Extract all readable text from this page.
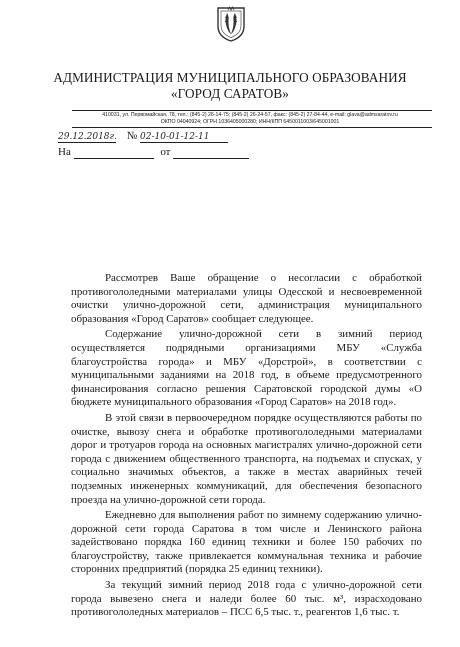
АДМИНИСТРАЦИЯ МУНИЦИПАЛЬНОГО ОБРАЗОВАНИЯ
«ГОРОД САРАТОВ»
410031, ул. Первомайская, 78, тел.: (845-2) 26-14-75; (845-2) 26-24-57, факс: (845-2) 27-84-44, e-mail: glava@admsaratov.ru
ОКПО 04040924; ОГРН 1036405000280; ИНН/КПП 6450011003/645001001
29.12.2018г. № 02-10-01-12-11
На	от

Рассмотрев Ваше обращение о несогласии с обработкой противогололедными материалами улицы Одесской и несвоевременной очистки улично-дорожной сети, администрация муниципального образования «Город Саратов» сообщает следующее.

Содержание улично-дорожной сети в зимний период осуществляется подрядными организациями МБУ «Служба благоустройства города» и МБУ «Дорстрой», в соответствии с муниципальными заданиями на 2018 год, в объеме предусмотренного финансирования согласно решения Саратовской городской думы «О бюджете муниципального образования «Город Саратов» на 2018 год».

В этой связи в первоочередном порядке осуществляются работы по очистке, вывозу снега и обработке противогололедными материалами дорог и тротуаров города на основных магистралях улично-дорожной сети города с движением общественного транспорта, на подъемах и спусках, у социально значимых объектов, а также в местах аварийных течей подземных инженерных коммуникаций, для обеспечения безопасного проезда на улично-дорожной сети города.

Ежедневно для выполнения работ по зимнему содержанию улично-дорожной сети города Саратова в том числе и Ленинского района задействовано порядка 160 единиц техники и более 150 рабочих по благоустройству, также привлекается коммунальная техника и рабочие сторонних предприятий (порядка 25 единиц техники).

За текущий зимний период 2018 года с улично-дорожной сети города вывезено снега и наледи более 60 тыс. м³, израсходовано противогололедных материалов – ПСС 6,5 тыс. т., реагентов 1,6 тыс. т.
